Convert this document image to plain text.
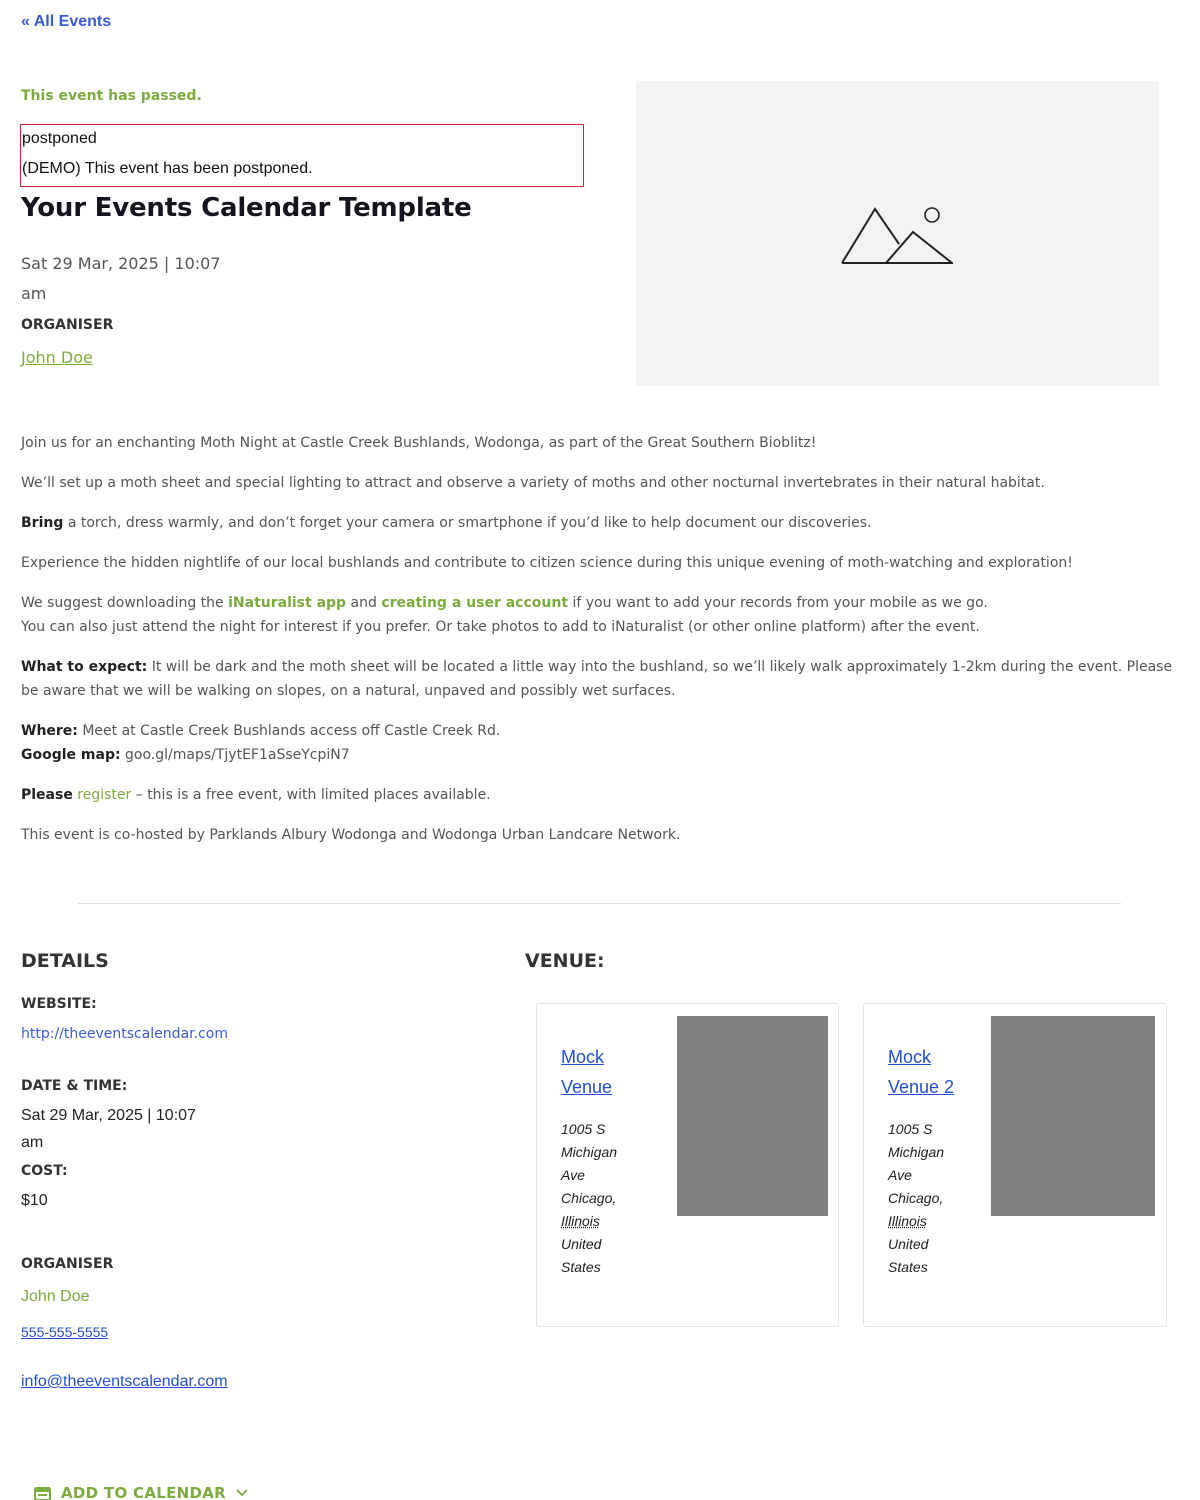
« All Events
This event has passed.
postponed
(DEMO) This event has been postponed.
Your Events Calendar Template
Sat 29 Mar, 2025 | 10:07
am
ORGANISER
John Doe

Join us for an enchanting Moth Night at Castle Creek Bushlands, Wodonga, as part of the Great Southern Bioblitz!

We’ll set up a moth sheet and special lighting to attract and observe a variety of moths and other nocturnal invertebrates in their natural habitat.

Bring a torch, dress warmly, and don’t forget your camera or smartphone if you’d like to help document our discoveries.

Experience the hidden nightlife of our local bushlands and contribute to citizen science during this unique evening of moth-watching and exploration!

We suggest downloading the iNaturalist app and creating a user account if you want to add your records from your mobile as we go.
You can also just attend the night for interest if you prefer. Or take photos to add to iNaturalist (or other online platform) after the event.

What to expect: It will be dark and the moth sheet will be located a little way into the bushland, so we’ll likely walk approximately 1-2km during the event. Please be aware that we will be walking on slopes, on a natural, unpaved and possibly wet surfaces.

Where: Meet at Castle Creek Bushlands access off Castle Creek Rd.
Google map: goo.gl/maps/TjytEF1aSseYcpiN7

Please register – this is a free event, with limited places available.

This event is co-hosted by Parklands Albury Wodonga and Wodonga Urban Landcare Network.

DETAILS
WEBSITE:
http://theeventscalendar.com
DATE & TIME:
Sat 29 Mar, 2025 | 10:07
am
COST:
$10
ORGANISER
John Doe
555-555-5555
info@theeventscalendar.com
VENUE:
Mock
Venue
1005 S
Michigan
Ave
Chicago,
Illinois
United
States
Mock
Venue 2
1005 S
Michigan
Ave
Chicago,
Illinois
United
States
ADD TO CALENDAR
